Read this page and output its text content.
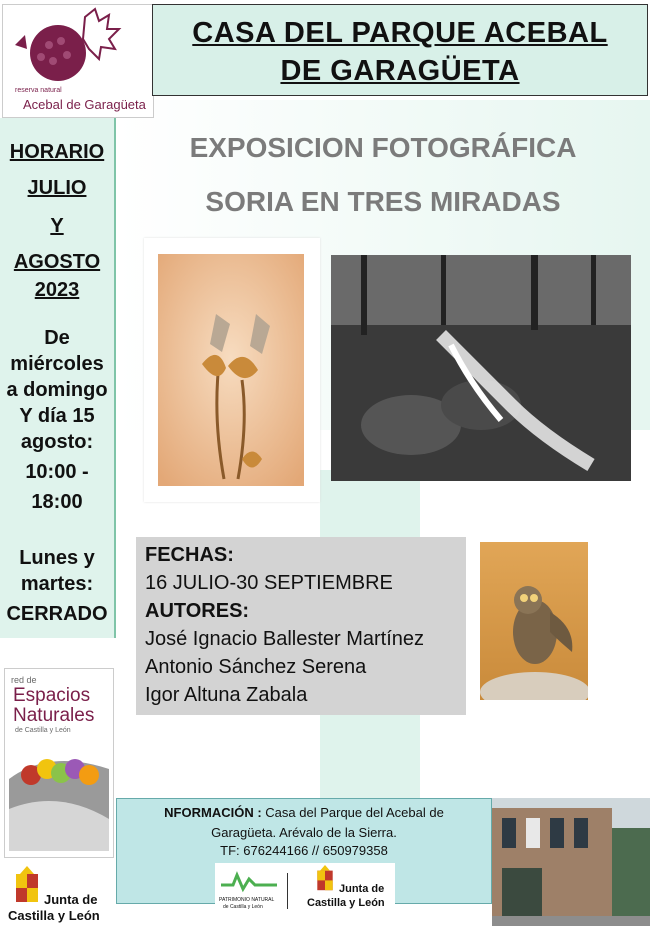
reserva natural
Acebal de Garagüeta
CASA DEL PARQUE ACEBAL
DE GARAGÜETA
EXPOSICION FOTOGRÁFICA
SORIA EN TRES MIRADAS
HORARIO
JULIO
Y
AGOSTO
2023
De
miércoles
a domingo
Y día 15
agosto:
10:00 -
18:00
Lunes y
martes:
CERRADO
FECHAS:
16 JULIO-30 SEPTIEMBRE
AUTORES:
José Ignacio Ballester Martínez
Antonio Sánchez Serena
Igor Altuna Zabala
red de
Espacios
Naturales
de Castilla y León
Junta de
Castilla y León
NFORMACIÓN : Casa del Parque del Acebal de
Garagüeta. Arévalo de la Sierra.
TF: 676244166 // 650979358
PATRIMONIO NATURAL
de Castilla y León
Junta de
Castilla y León
